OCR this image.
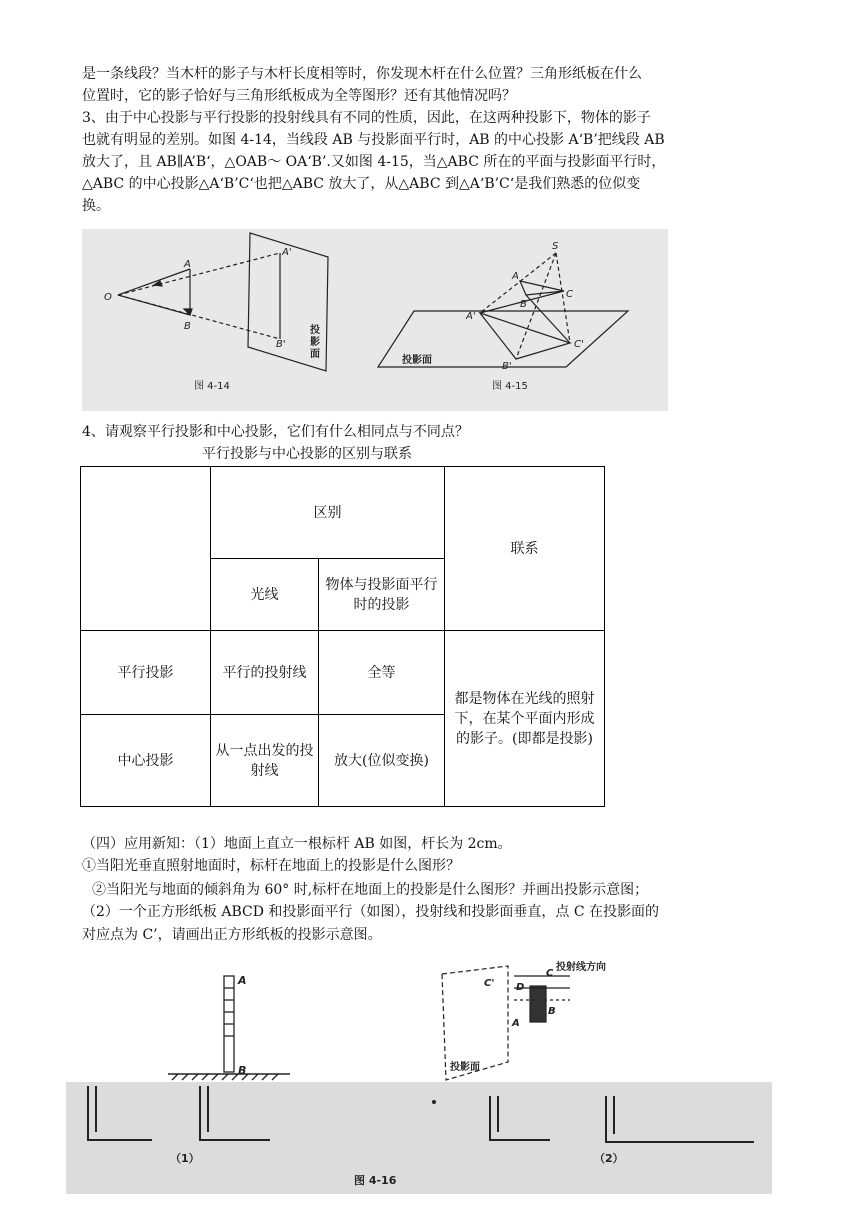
是一条线段？当木杆的影子与木杆长度相等时，你发现木杆在什么位置？三角形纸板在什么
位置时，它的影子恰好与三角形纸板成为全等图形？还有其他情况吗？
3、由于中心投影与平行投影的投射线具有不同的性质，因此，在这两种投影下，物体的影子
也就有明显的差别。如图 4-14，当线段 AB 与投影面平行时，AB 的中心投影 A‘B’把线段 AB
放大了，且 AB∥A’B‘，△OAB～ OA‘B’.又如图 4-15，当△ABC 所在的平面与投影面平行时，
△ABC 的中心投影△A‘B’C‘也把△ABC 放大了，从△ABC 到△A‘B’C‘是我们熟悉的位似变
换。
A
B
O
A'
B'
投
影
面
图 4-14
S
A
B
C
A'
B'
C'
投影面
图 4-15
4、请观察平行投影和中心投影，它们有什么相同点与不同点？
平行投影与中心投影的区别与联系
	区别		联系
	光线	物体与投影面平行时的投影	
平行投影	平行的投射线	全等	都是物体在光线的照射下，在某个平面内形成的影子。(即都是投影)
中心投影	从一点出发的投射线	放大(位似变换)	
（四）应用新知：（1）地面上直立一根标杆 AB 如图，杆长为 2cm。
①当阳光垂直照射地面时，标杆在地面上的投影是什么图形？
②当阳光与地面的倾斜角为 60° 时,标杆在地面上的投影是什么图形？并画出投影示意图；
（2）一个正方形纸板 ABCD 和投影面平行（如图），投射线和投影面垂直，点 C 在投影面的
对应点为 C’，请画出正方形纸板的投影示意图。
A
B
C'
C
D
B
A
投射线方向
投影面
（1）	（2）
图 4-16
